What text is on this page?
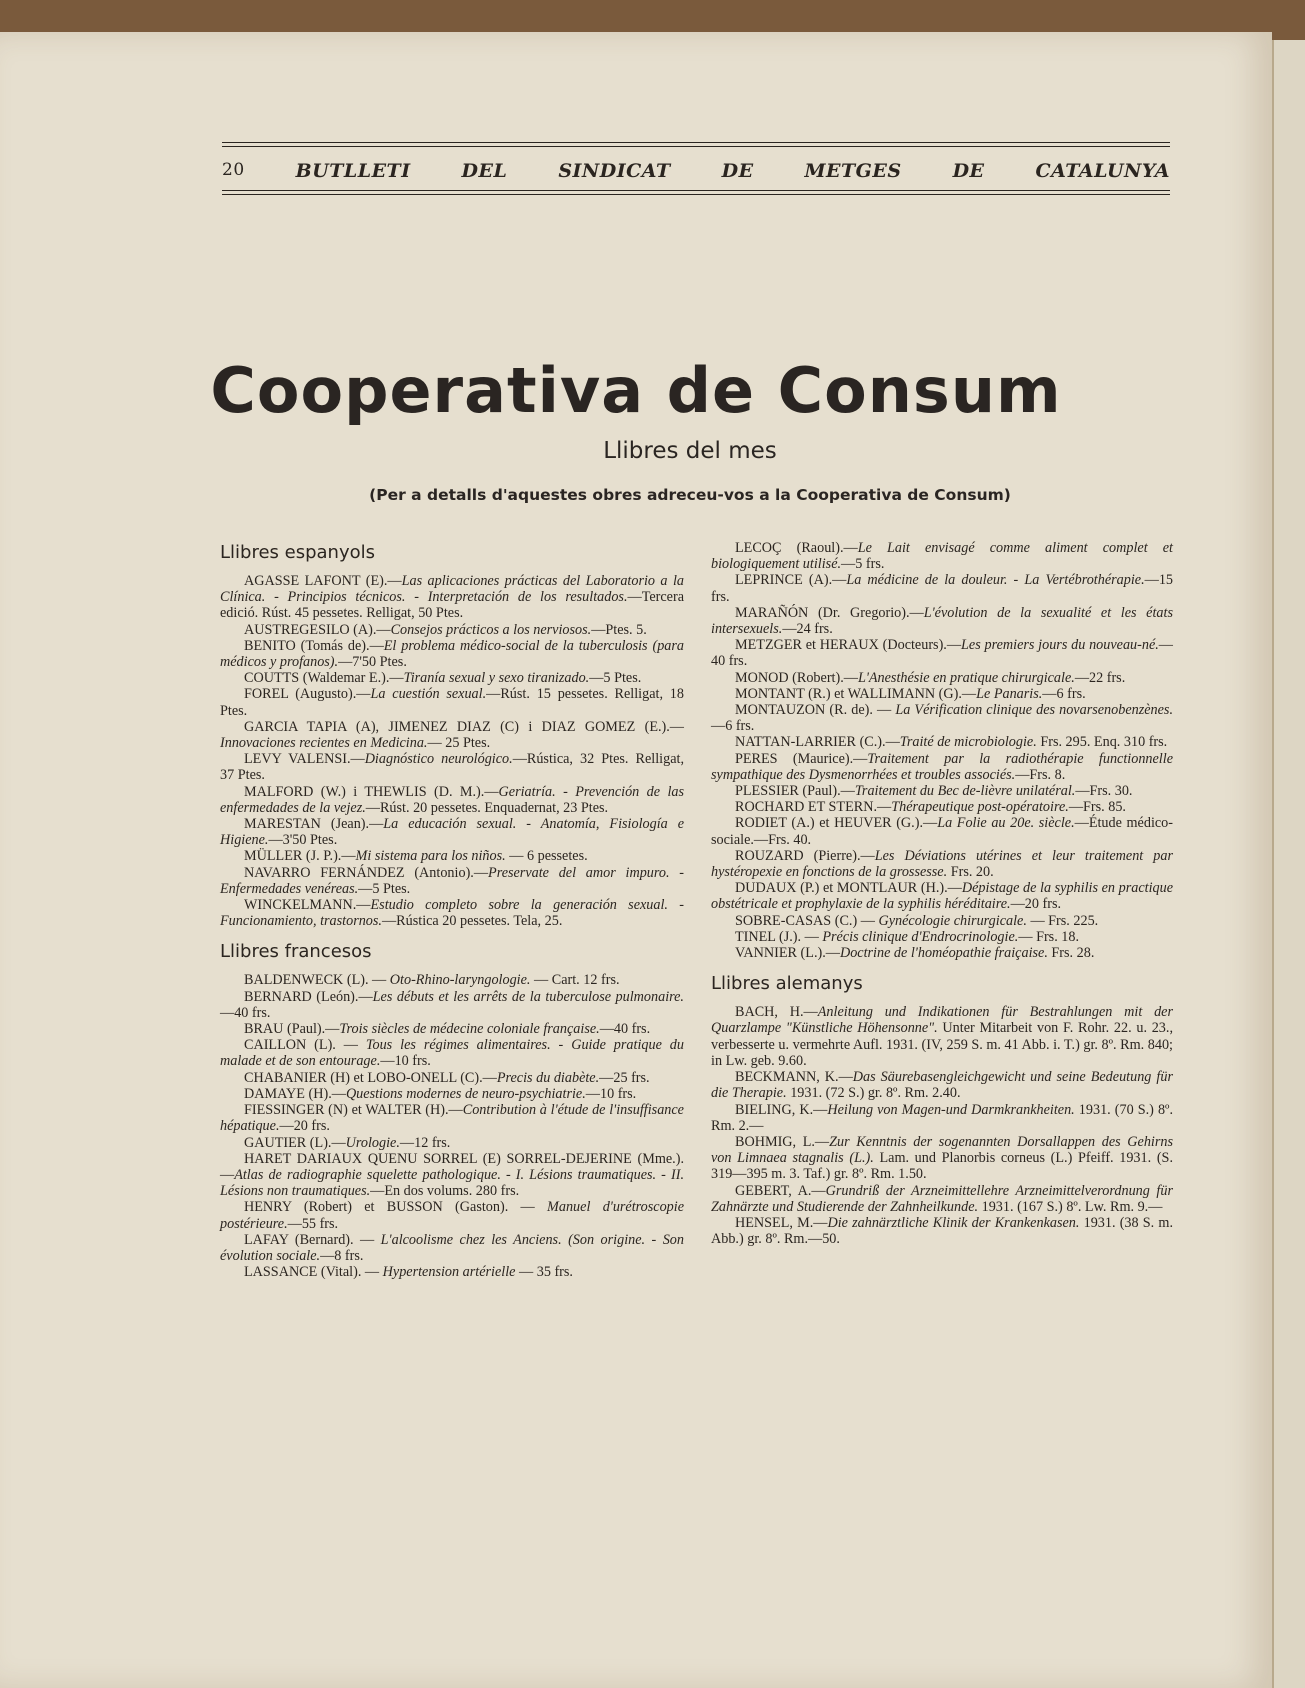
20	BUTLLETI	DEL	SINDICAT	DE	METGES	DE	CATALUNYA
Cooperativa de Consum
Llibres del mes
(Per a detalls d'aquestes obres adreceu-vos a la Cooperativa de Consum)
Llibres espanyols
AGASSE LAFONT (E).—Las aplicaciones prácticas del Laboratorio a la Clínica. - Principios técnicos. - Interpretación de los resultados.—Tercera edició. Rúst. 45 pessetes. Relligat, 50 Ptes.
AUSTREGESILO (A).—Consejos prácticos a los nerviosos.—Ptes. 5.
BENITO (Tomás de).—El problema médico-social de la tuberculosis (para médicos y profanos).—7'50 Ptes.
COUTTS (Waldemar E.).—Tiranía sexual y sexo tiranizado.—5 Ptes.
FOREL (Augusto).—La cuestión sexual.—Rúst. 15 pessetes. Relligat, 18 Ptes.
GARCIA TAPIA (A), JIMENEZ DIAZ (C) i DIAZ GOMEZ (E.).—Innovaciones recientes en Medicina.— 25 Ptes.
LEVY VALENSI.—Diagnóstico neurológico.—Rústica, 32 Ptes. Relligat, 37 Ptes.
MALFORD (W.) i THEWLIS (D. M.).—Geriatría. - Prevención de las enfermedades de la vejez.—Rúst. 20 pessetes. Enquadernat, 23 Ptes.
MARESTAN (Jean).—La educación sexual. - Anatomía, Fisiología e Higiene.—3'50 Ptes.
MÜLLER (J. P.).—Mi sistema para los niños. — 6 pessetes.
NAVARRO FERNÁNDEZ (Antonio).—Preservate del amor impuro. - Enfermedades venéreas.—5 Ptes.
WINCKELMANN.—Estudio completo sobre la generación sexual. - Funcionamiento, trastornos.—Rústica 20 pessetes. Tela, 25.
Llibres francesos
BALDENWECK (L). — Oto-Rhino-laryngologie. — Cart. 12 frs.
BERNARD (León).—Les débuts et les arrêts de la tuberculose pulmonaire.—40 frs.
BRAU (Paul).—Trois siècles de médecine coloniale française.—40 frs.
CAILLON (L). — Tous les régimes alimentaires. - Guide pratique du malade et de son entourage.—10 frs.
CHABANIER (H) et LOBO-ONELL (C).—Precis du diabète.—25 frs.
DAMAYE (H).—Questions modernes de neuro-psychiatrie.—10 frs.
FIESSINGER (N) et WALTER (H).—Contribution à l'étude de l'insuffisance hépatique.—20 frs.
GAUTIER (L).—Urologie.—12 frs.
HARET DARIAUX QUENU SORREL (E) SORREL-DEJERINE (Mme.).—Atlas de radiographie squelette pathologique. - I. Lésions traumatiques. - II. Lésions non traumatiques.—En dos volums. 280 frs.
HENRY (Robert) et BUSSON (Gaston). — Manuel d'urétroscopie postérieure.—55 frs.
LAFAY (Bernard). — L'alcoolisme chez les Anciens. (Son origine. - Son évolution sociale.—8 frs.
LASSANCE (Vital). — Hypertension artérielle — 35 frs.
LECOÇ (Raoul).—Le Lait envisagé comme aliment complet et biologiquement utilisé.—5 frs.
LEPRINCE (A).—La médicine de la douleur. - La Vertébrothérapie.—15 frs.
MARAÑÓN (Dr. Gregorio).—L'évolution de la sexualité et les états intersexuels.—24 frs.
METZGER et HERAUX (Docteurs).—Les premiers jours du nouveau-né.—40 frs.
MONOD (Robert).—L'Anesthésie en pratique chirurgicale.—22 frs.
MONTANT (R.) et WALLIMANN (G).—Le Panaris.—6 frs.
MONTAUZON (R. de). — La Vérification clinique des novarsenobenzènes.—6 frs.
NATTAN-LARRIER (C.).—Traité de microbiologie. Frs. 295. Enq. 310 frs.
PERES (Maurice).—Traitement par la radiothérapie functionnelle sympathique des Dysmenorrhées et troubles associés.—Frs. 8.
PLESSIER (Paul).—Traitement du Bec de-lièvre unilatéral.—Frs. 30.
ROCHARD ET STERN.—Thérapeutique post-opératoire.—Frs. 85.
RODIET (A.) et HEUVER (G.).—La Folie au 20e. siècle.—Étude médico-sociale.—Frs. 40.
ROUZARD (Pierre).—Les Déviations utérines et leur traitement par hystéropexie en fonctions de la grossesse. Frs. 20.
DUDAUX (P.) et MONTLAUR (H.).—Dépistage de la syphilis en practique obstétricale et prophylaxie de la syphilis héréditaire.—20 frs.
SOBRE-CASAS (C.) — Gynécologie chirurgicale. — Frs. 225.
TINEL (J.). — Précis clinique d'Endrocrinologie.— Frs. 18.
VANNIER (L.).—Doctrine de l'homéopathie fraiçaise. Frs. 28.
Llibres alemanys
BACH, H.—Anleitung und Indikationen für Bestrahlungen mit der Quarzlampe "Künstliche Höhensonne". Unter Mitarbeit von F. Rohr. 22. u. 23., verbesserte u. vermehrte Aufl. 1931. (IV, 259 S. m. 41 Abb. i. T.) gr. 8º. Rm. 840; in Lw. geb. 9.60.
BECKMANN, K.—Das Säurebasengleichgewicht und seine Bedeutung für die Therapie. 1931. (72 S.) gr. 8º. Rm. 2.40.
BIELING, K.—Heilung von Magen-und Darmkrankheiten. 1931. (70 S.) 8º. Rm. 2.—
BOHMIG, L.—Zur Kenntnis der sogenannten Dorsallappen des Gehirns von Limnaea stagnalis (L.). Lam. und Planorbis corneus (L.) Pfeiff. 1931. (S. 319—395 m. 3. Taf.) gr. 8º. Rm. 1.50.
GEBERT, A.—Grundriß der Arzneimittellehre Arzneimittelverordnung für Zahnärzte und Studierende der Zahnheilkunde. 1931. (167 S.) 8º. Lw. Rm. 9.—
HENSEL, M.—Die zahnärztliche Klinik der Krankenkasen. 1931. (38 S. m. Abb.) gr. 8º. Rm.—50.
